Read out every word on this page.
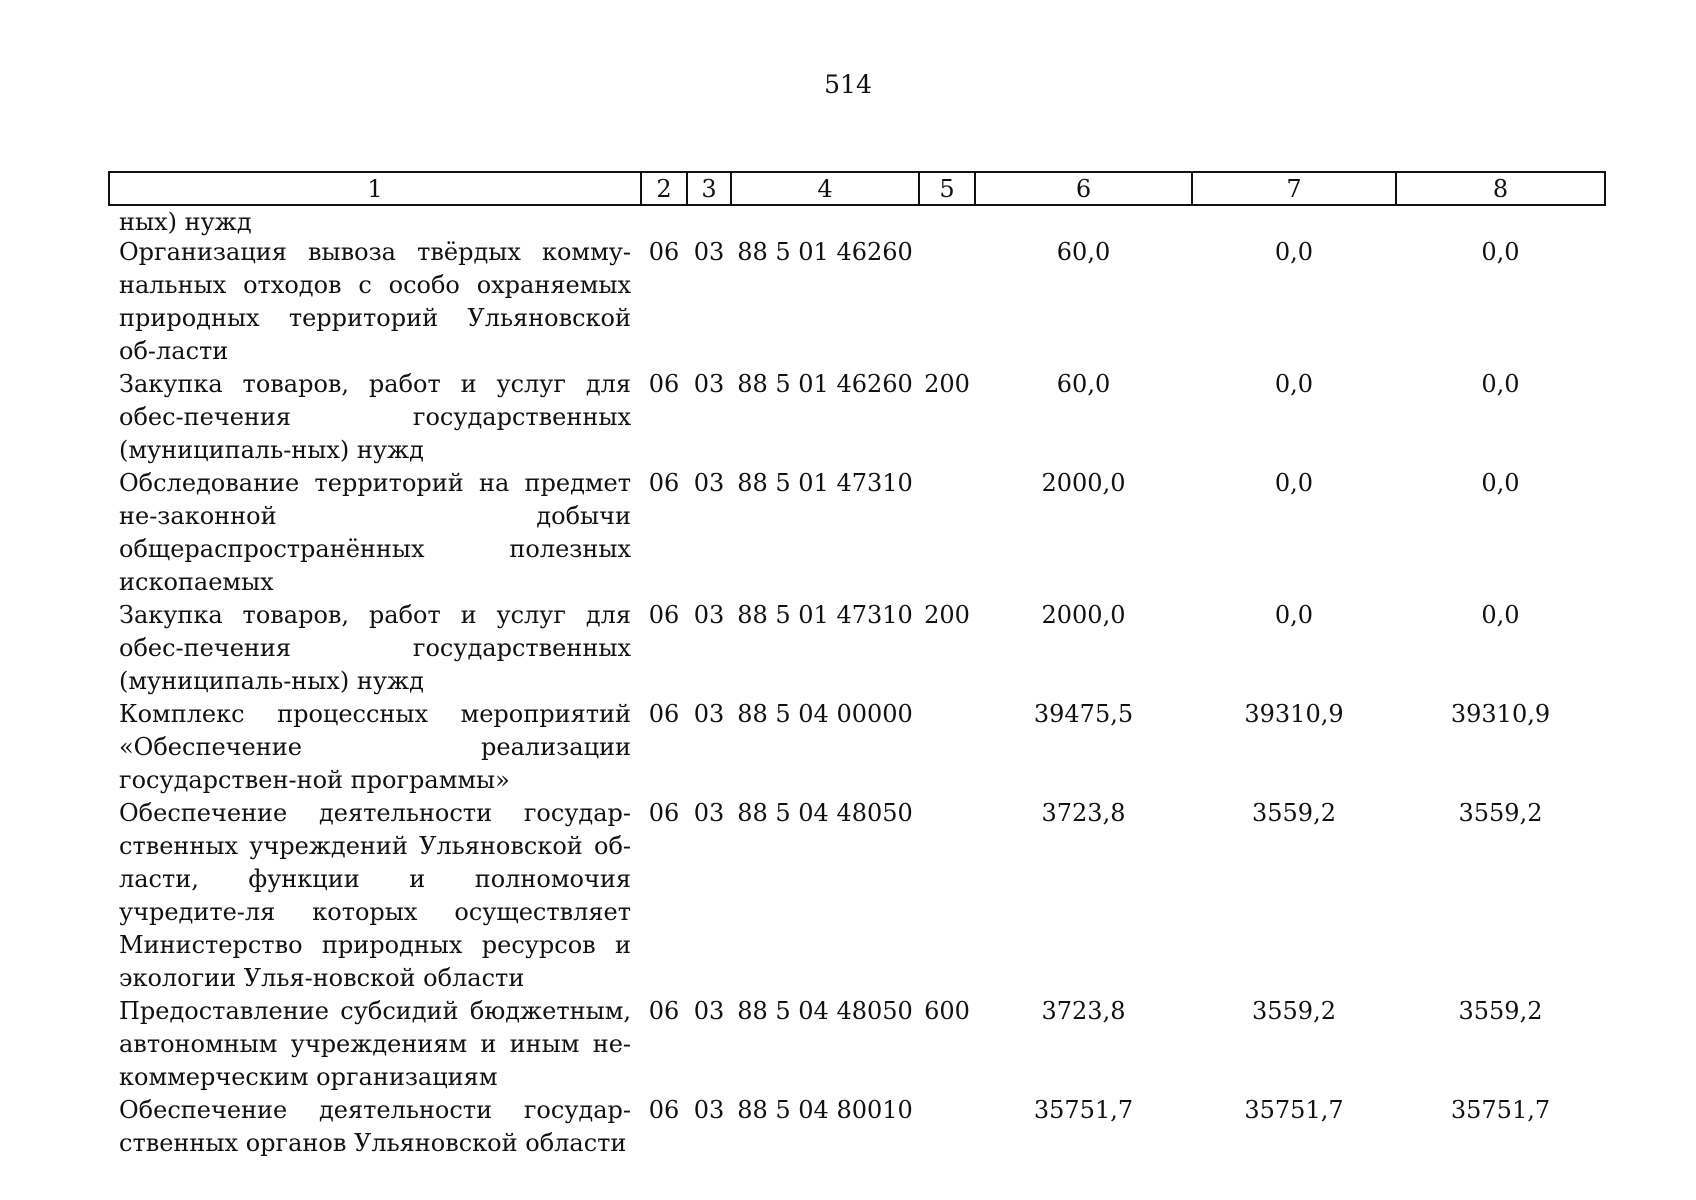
514
1	2	3	4	5	6	7	8
ных) нужд							
Организация вывоза твёрдых комму-нальных отходов с особо охраняемых природных территорий Ульяновской об-ласти	06	03	88 5 01 46260		60,0	0,0	0,0
Закупка товаров, работ и услуг для обес-печения государственных (муниципаль-ных) нужд	06	03	88 5 01 46260	200	60,0	0,0	0,0
Обследование территорий на предмет не-законной добычи общераспространённых полезных ископаемых	06	03	88 5 01 47310		2000,0	0,0	0,0
Закупка товаров, работ и услуг для обес-печения государственных (муниципаль-ных) нужд	06	03	88 5 01 47310	200	2000,0	0,0	0,0
Комплекс процессных мероприятий «Обеспечение реализации государствен-ной программы»	06	03	88 5 04 00000		39475,5	39310,9	39310,9
Обеспечение деятельности государ-ственных учреждений Ульяновской об-ласти, функции и полномочия учредите-ля которых осуществляет Министерство природных ресурсов и экологии Улья-новской области	06	03	88 5 04 48050		3723,8	3559,2	3559,2
Предоставление субсидий бюджетным, автономным учреждениям и иным не-коммерческим организациям	06	03	88 5 04 48050	600	3723,8	3559,2	3559,2
Обеспечение деятельности государ-ственных органов Ульяновской области	06	03	88 5 04 80010		35751,7	35751,7	35751,7
